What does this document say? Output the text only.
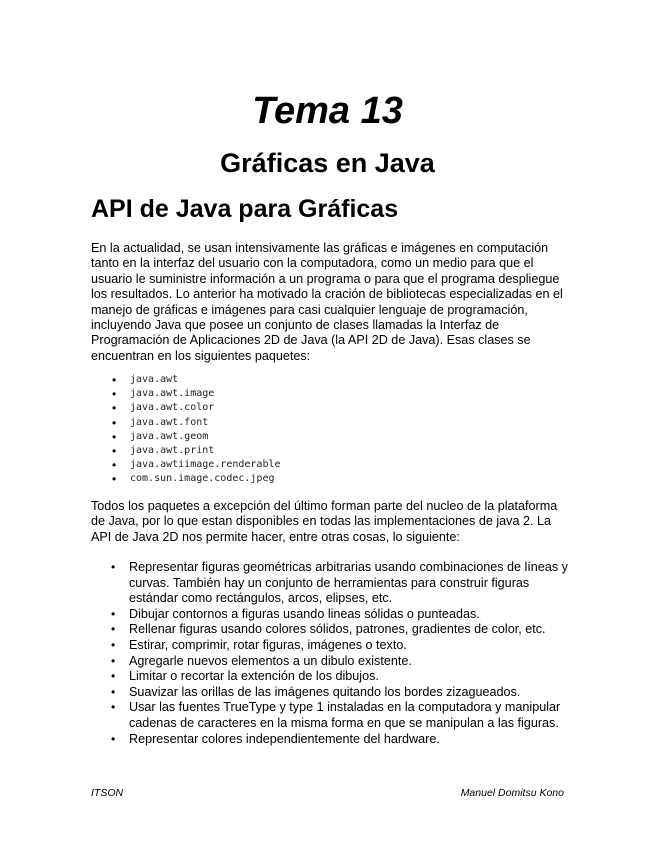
Tema 13
Gráficas en Java
API de Java para Gráficas

En la actualidad, se usan intensivamente las gráficas e imágenes en computación tanto en la interfaz del usuario con la computadora, como un medio para que el usuario le suministre información a un programa o para que el programa despliegue los resultados. Lo anterior ha motivado la cración de bibliotecas especializadas en el manejo de gráficas e imágenes para casi cualquier lenguaje de programación, incluyendo Java que posee un conjunto de clases llamadas la Interfaz de Programación de Aplicaciones 2D de Java (la API 2D de Java). Esas clases se encuentran en los siguientes paquetes:

• java.awt
• java.awt.image
• java.awt.color
• java.awt.font
• java.awt.geom
• java.awt.print
• java.awtiimage.renderable
• com.sun.image.codec.jpeg

Todos los paquetes a excepción del último forman parte del nucleo de la plataforma de Java, por lo que estan disponibles en todas las implementaciones de java 2. La API de Java 2D nos permite hacer, entre otras cosas, lo siguiente:

• Representar figuras geométricas arbitrarias usando combinaciones de líneas y curvas. También hay un conjunto de herramientas para construir figuras estándar como rectángulos, arcos, elipses, etc.
• Dibujar contornos a figuras usando lineas sólidas o punteadas.
• Rellenar figuras usando colores sólidos, patrones, gradientes de color, etc.
• Estirar, comprimir, rotar figuras, imágenes o texto.
• Agregarle nuevos elementos a un dibulo existente.
• Limitar o recortar la extención de los dibujos.
• Suavizar las orillas de las imágenes quitando los bordes zizagueados.
• Usar las fuentes TrueType y type 1 instaladas en la computadora y manipular cadenas de caracteres en la misma forma en que se manipulan a las figuras.
• Representar colores independientemente del hardware.

ITSON	Manuel Domitsu Kono
